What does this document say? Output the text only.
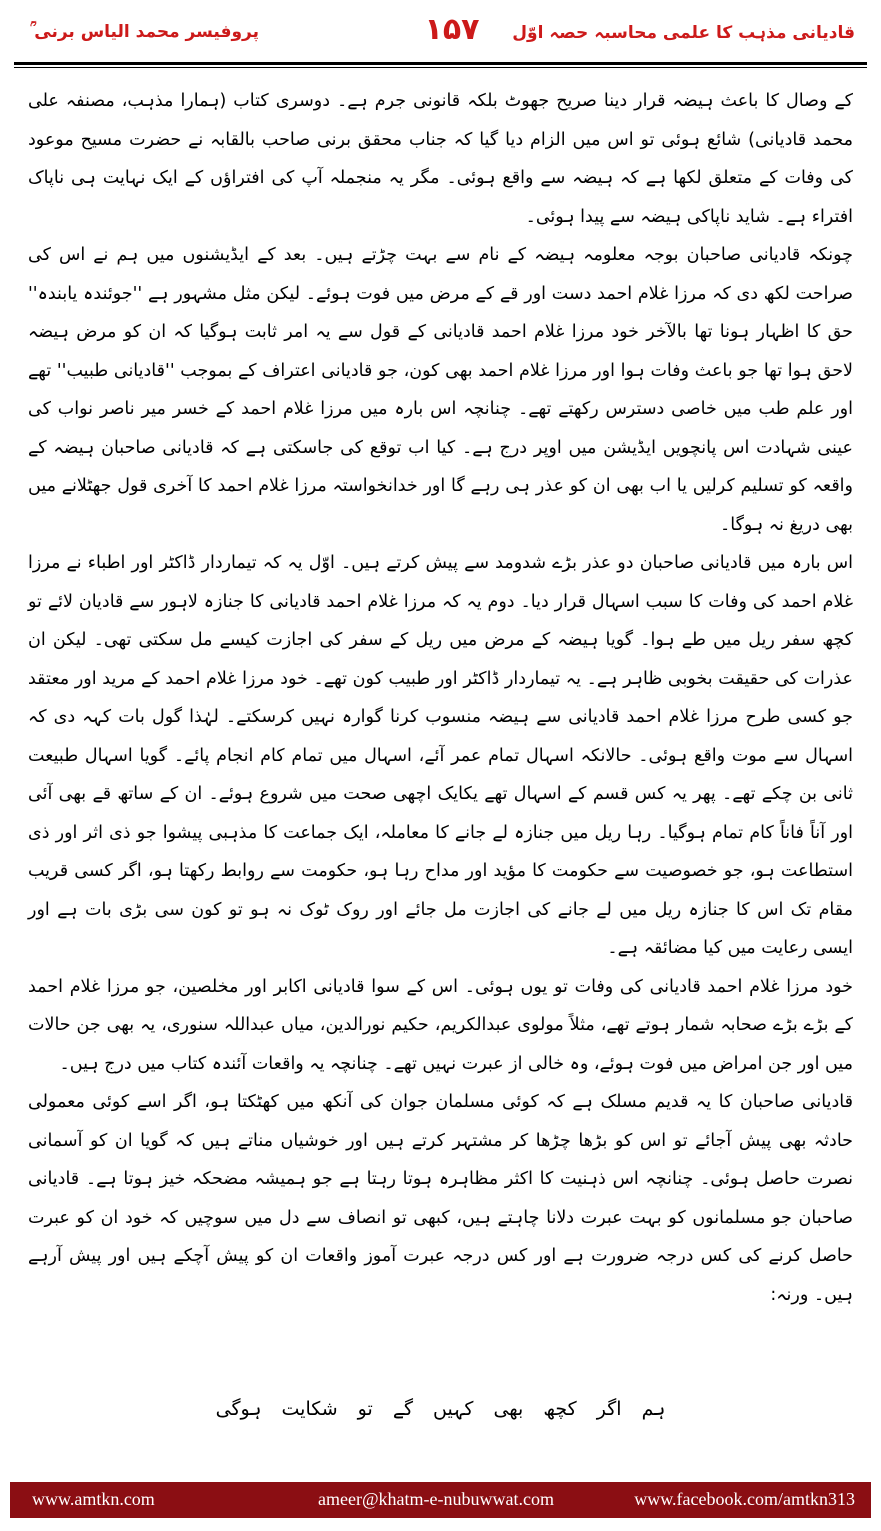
قادیانی مذہب کا علمی محاسبہ حصہ اوّل
۱۵۷
پروفیسر محمد الیاس برنی ؒ

کے وصال کا باعث ہیضہ قرار دینا صریح جھوٹ بلکہ قانونی جرم ہے۔ دوسری کتاب (ہمارا مذہب، مصنفہ علی محمد قادیانی) شائع ہوئی تو اس میں الزام دیا گیا کہ جناب محقق برنی صاحب بالقابہ نے حضرت مسیح موعود کی وفات کے متعلق لکھا ہے کہ ہیضہ سے واقع ہوئی۔ مگر یہ منجملہ آپ کی افتراؤں کے ایک نہایت ہی ناپاک افتراء ہے۔ شاید ناپاکی ہیضہ سے پیدا ہوئی۔

چونکہ قادیانی صاحبان بوجہ معلومہ ہیضہ کے نام سے بہت چڑتے ہیں۔ بعد کے ایڈیشنوں میں ہم نے اس کی صراحت لکھ دی کہ مرزا غلام احمد دست اور قے کے مرض میں فوت ہوئے۔ لیکن مثل مشہور ہے ''جوئندہ یابندہ'' حق کا اظہار ہونا تھا بالآخر خود مرزا غلام احمد قادیانی کے قول سے یہ امر ثابت ہوگیا کہ ان کو مرض ہیضہ لاحق ہوا تھا جو باعث وفات ہوا اور مرزا غلام احمد بھی کون، جو قادیانی اعتراف کے بموجب ''قادیانی طبیب'' تھے اور علم طب میں خاصی دسترس رکھتے تھے۔ چنانچہ اس بارہ میں مرزا غلام احمد کے خسر میر ناصر نواب کی عینی شہادت اس پانچویں ایڈیشن میں اوپر درج ہے۔ کیا اب توقع کی جاسکتی ہے کہ قادیانی صاحبان ہیضہ کے واقعہ کو تسلیم کرلیں یا اب بھی ان کو عذر ہی رہے گا اور خدانخواستہ مرزا غلام احمد کا آخری قول جھٹلانے میں بھی دریغ نہ ہوگا۔

اس بارہ میں قادیانی صاحبان دو عذر بڑے شدومد سے پیش کرتے ہیں۔ اوّل یہ کہ تیماردار ڈاکٹر اور اطباء نے مرزا غلام احمد کی وفات کا سبب اسہال قرار دیا۔ دوم یہ کہ مرزا غلام احمد قادیانی کا جنازہ لاہور سے قادیان لائے تو کچھ سفر ریل میں طے ہوا۔ گویا ہیضہ کے مرض میں ریل کے سفر کی اجازت کیسے مل سکتی تھی۔ لیکن ان عذرات کی حقیقت بخوبی ظاہر ہے۔ یہ تیماردار ڈاکٹر اور طبیب کون تھے۔ خود مرزا غلام احمد کے مرید اور معتقد جو کسی طرح مرزا غلام احمد قادیانی سے ہیضہ منسوب کرنا گوارہ نہیں کرسکتے۔ لہٰذا گول بات کہہ دی کہ اسہال سے موت واقع ہوئی۔ حالانکہ اسہال تمام عمر آئے، اسہال میں تمام کام انجام پائے۔ گویا اسہال طبیعت ثانی بن چکے تھے۔ پھر یہ کس قسم کے اسہال تھے یکایک اچھی صحت میں شروع ہوئے۔ ان کے ساتھ قے بھی آئی اور آناً فاناً کام تمام ہوگیا۔ رہا ریل میں جنازہ لے جانے کا معاملہ، ایک جماعت کا مذہبی پیشوا جو ذی اثر اور ذی استطاعت ہو، جو خصوصیت سے حکومت کا مؤید اور مداح رہا ہو، حکومت سے روابط رکھتا ہو، اگر کسی قریب مقام تک اس کا جنازہ ریل میں لے جانے کی اجازت مل جائے اور روک ٹوک نہ ہو تو کون سی بڑی بات ہے اور ایسی رعایت میں کیا مضائقہ ہے۔

خود مرزا غلام احمد قادیانی کی وفات تو یوں ہوئی۔ اس کے سوا قادیانی اکابر اور مخلصین، جو مرزا غلام احمد کے بڑے بڑے صحابہ شمار ہوتے تھے، مثلاً مولوی عبدالکریم، حکیم نورالدین، میاں عبداللہ سنوری، یہ بھی جن حالات میں اور جن امراض میں فوت ہوئے، وہ خالی از عبرت نہیں تھے۔ چنانچہ یہ واقعات آئندہ کتاب میں درج ہیں۔

قادیانی صاحبان کا یہ قدیم مسلک ہے کہ کوئی مسلمان جوان کی آنکھ میں کھٹکتا ہو، اگر اسے کوئی معمولی حادثہ بھی پیش آجائے تو اس کو بڑھا چڑھا کر مشتہر کرتے ہیں اور خوشیاں مناتے ہیں کہ گویا ان کو آسمانی نصرت حاصل ہوئی۔ چنانچہ اس ذہنیت کا اکثر مظاہرہ ہوتا رہتا ہے جو ہمیشہ مضحکہ خیز ہوتا ہے۔ قادیانی صاحبان جو مسلمانوں کو بہت عبرت دلانا چاہتے ہیں، کبھی تو انصاف سے دل میں سوچیں کہ خود ان کو عبرت حاصل کرنے کی کس درجہ ضرورت ہے اور کس درجہ عبرت آموز واقعات ان کو پیش آچکے ہیں اور پیش آرہے ہیں۔ ورنہ:

ہم اگر کچھ بھی کہیں گے تو شکایت ہوگی
www.amtkn.com	ameer@khatm-e-nubuwwat.com	www.facebook.com/amtkn313
